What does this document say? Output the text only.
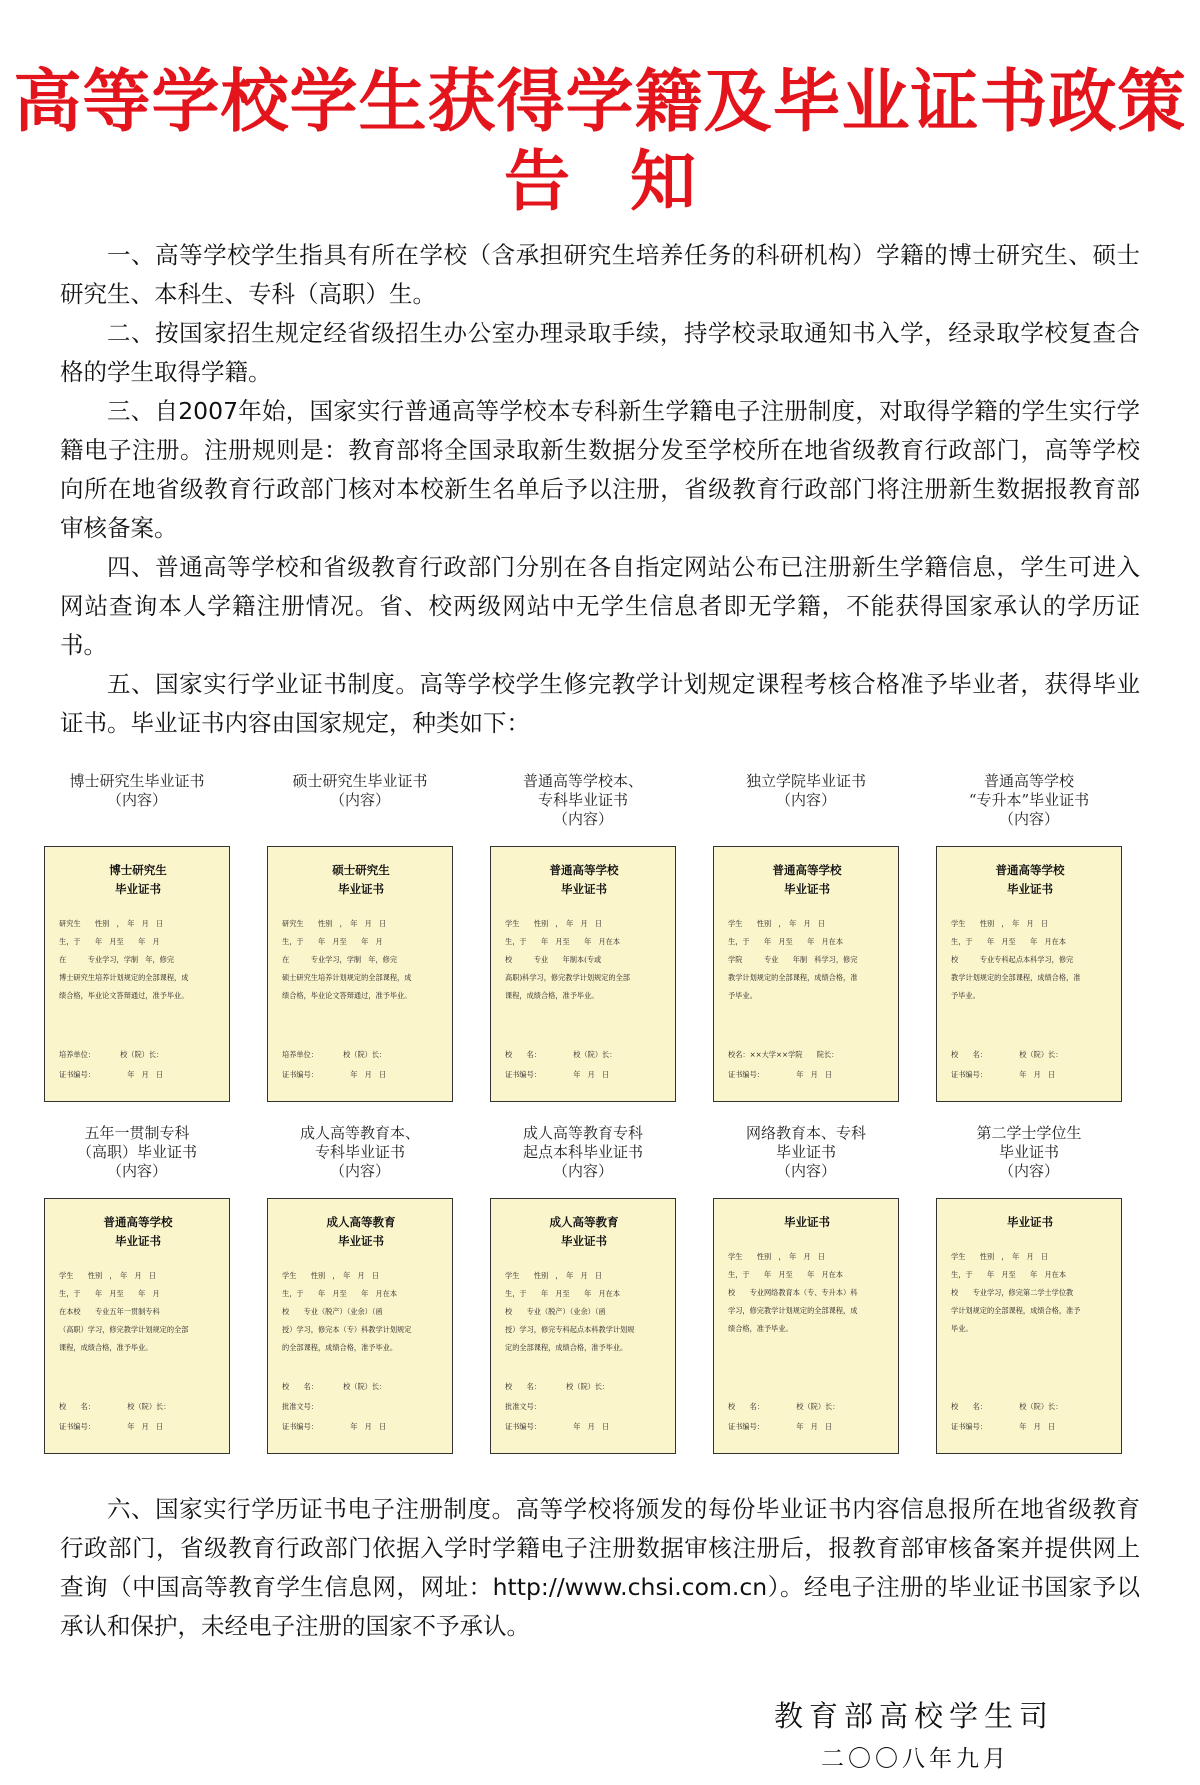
高等学校学生获得学籍及毕业证书政策
告知

一、高等学校学生指具有所在学校（含承担研究生培养任务的科研机构）学籍的博士研究生、硕士研究生、本科生、专科（高职）生。

二、按国家招生规定经省级招生办公室办理录取手续，持学校录取通知书入学，经录取学校复查合格的学生取得学籍。

三、自2007年始，国家实行普通高等学校本专科新生学籍电子注册制度，对取得学籍的学生实行学籍电子注册。注册规则是：教育部将全国录取新生数据分发至学校所在地省级教育行政部门，高等学校向所在地省级教育行政部门核对本校新生名单后予以注册，省级教育行政部门将注册新生数据报教育部审核备案。

四、普通高等学校和省级教育行政部门分别在各自指定网站公布已注册新生学籍信息，学生可进入网站查询本人学籍注册情况。省、校两级网站中无学生信息者即无学籍，不能获得国家承认的学历证书。

五、国家实行学业证书制度。高等学校学生修完教学计划规定课程考核合格准予毕业者，获得毕业证书。毕业证书内容由国家规定，种类如下：

博士研究生毕业证书
（内容）
博士研究生
毕业证书
研究生　　性别　，　年　月　日
生，于　　年　月至　　年　月
在　　　专业学习，学制　年，修完
博士研究生培养计划规定的全部课程，成
绩合格，毕业论文答辩通过，准予毕业。
培养单位：　　　　校（院）长：
证书编号：　　　　　年　月　日
硕士研究生毕业证书
（内容）
硕士研究生
毕业证书
研究生　　性别　，　年　月　日
生，于　　年　月至　　年　月
在　　　专业学习，学制　年，修完
硕士研究生培养计划规定的全部课程，成
绩合格，毕业论文答辩通过，准予毕业。
培养单位：　　　　校（院）长：
证书编号：　　　　　年　月　日
普通高等学校本、
专科毕业证书
（内容）
普通高等学校
毕业证书
学生　　性别　，　年　月　日
生，于　　年　月至　　年　月在本
校　　　专业　　年制本(专或
高职)科学习，修完教学计划规定的全部
课程，成绩合格，准予毕业。
校　　名：　　　　　校（院）长：
证书编号：　　　　　年　月　日
独立学院毕业证书
（内容）
普通高等学校
毕业证书
学生　　性别　，　年　月　日
生，于　　年　月至　　年　月在本
学院　　　专业　　年制　科学习，修完
教学计划规定的全部课程，成绩合格，准
予毕业。
校名：××大学××学院　　院长：
证书编号：　　　　　年　月　日
普通高等学校
“专升本”毕业证书
（内容）
普通高等学校
毕业证书
学生　　性别　，　年　月　日
生，于　　年　月至　　年　月在本
校　　　专业专科起点本科学习，修完
教学计划规定的全部课程，成绩合格，准
予毕业。
校　　名：　　　　　校（院）长：
证书编号：　　　　　年　月　日
五年一贯制专科
（高职）毕业证书
（内容）
普通高等学校
毕业证书
学生　　性别　，　年　月　日
生，于　　年　月至　　年　月
在本校　　专业五年一贯制专科
（高职）学习，修完教学计划规定的全部
课程，成绩合格，准予毕业。
校　　名：　　　　　校（院）长：
证书编号：　　　　　年　月　日
成人高等教育本、
专科毕业证书
（内容）
成人高等教育
毕业证书
学生　　性别　，　年　月　日
生，于　　年　月至　　年　月在本
校　　专业（脱产）（业余）（函
授）学习，修完本（专）科教学计划规定
的全部课程，成绩合格，准予毕业。
校　　名：　　　　校（院）长：
批准文号：
证书编号：　　　　　年　月　日
成人高等教育专科
起点本科毕业证书
（内容）
成人高等教育
毕业证书
学生　　性别　，　年　月　日
生，于　　年　月至　　年　月在本
校　　专业（脱产）（业余）（函
授）学习，修完专科起点本科教学计划规
定的全部课程，成绩合格，准予毕业。
校　　名：　　　　校（院）长：
批准文号：
证书编号：　　　　　年　月　日
网络教育本、专科
毕业证书
（内容）
毕业证书
学生　　性别　，　年　月　日
生，于　　年　月至　　年　月在本
校　　专业网络教育本（专、专升本）科
学习，修完教学计划规定的全部课程，成
绩合格，准予毕业。
校　　名：　　　　　校（院）长：
证书编号：　　　　　年　月　日
第二学士学位生
毕业证书
（内容）
毕业证书
学生　　性别　，　年　月　日
生，于　　年　月至　　年　月在本
校　　专业学习，修完第二学士学位教
学计划规定的全部课程，成绩合格，准予
毕业。
校　　名：　　　　　校（院）长：
证书编号：　　　　　年　月　日

六、国家实行学历证书电子注册制度。高等学校将颁发的每份毕业证书内容信息报所在地省级教育行政部门，省级教育行政部门依据入学时学籍电子注册数据审核注册后，报教育部审核备案并提供网上查询（中国高等教育学生信息网，网址：http://www.chsi.com.cn）。经电子注册的毕业证书国家予以承认和保护，未经电子注册的国家不予承认。

教育部高校学生司
二〇〇八年九月
